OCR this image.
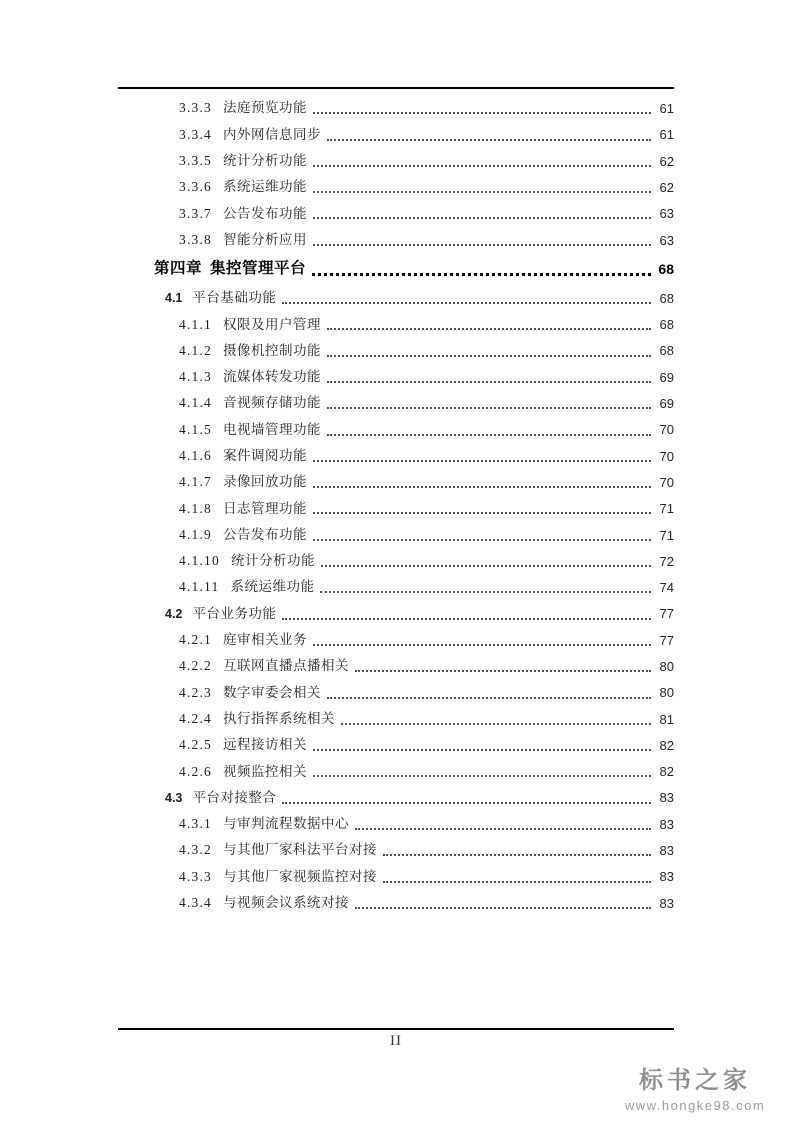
3.3.3 法庭预览功能	61
3.3.4 内外网信息同步	61
3.3.5 统计分析功能	62
3.3.6 系统运维功能	62
3.3.7 公告发布功能	63
3.3.8 智能分析应用	63
第四章 集控管理平台	68
4.1 平台基础功能	68
4.1.1 权限及用户管理	68
4.1.2 摄像机控制功能	68
4.1.3 流媒体转发功能	69
4.1.4 音视频存储功能	69
4.1.5 电视墙管理功能	70
4.1.6 案件调阅功能	70
4.1.7 录像回放功能	70
4.1.8 日志管理功能	71
4.1.9 公告发布功能	71
4.1.10 统计分析功能	72
4.1.11 系统运维功能	74
4.2 平台业务功能	77
4.2.1 庭审相关业务	77
4.2.2 互联网直播点播相关	80
4.2.3 数字审委会相关	80
4.2.4 执行指挥系统相关	81
4.2.5 远程接访相关	82
4.2.6 视频监控相关	82
4.3 平台对接整合	83
4.3.1 与审判流程数据中心	83
4.3.2 与其他厂家科法平台对接	83
4.3.3 与其他厂家视频监控对接	83
4.3.4 与视频会议系统对接	83
II
标书之家
www.hongke98.com
